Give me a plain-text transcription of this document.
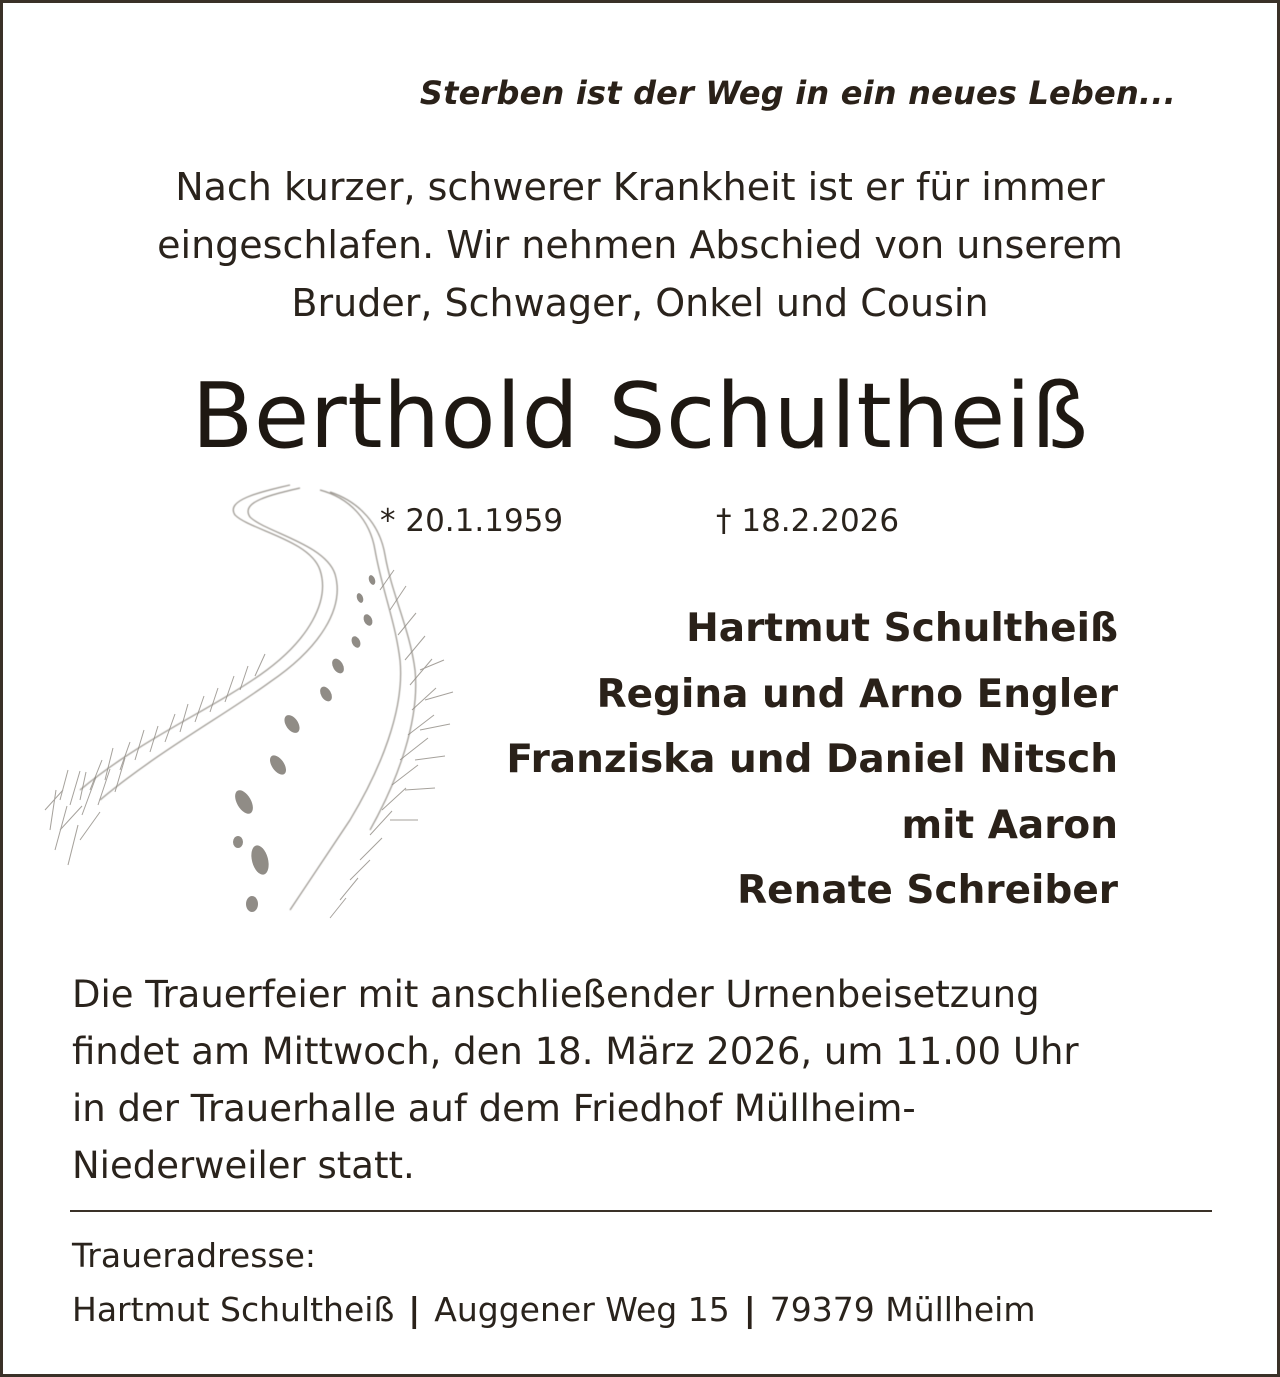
Sterben ist der Weg in ein neues Leben...
Nach kurzer, schwerer Krankheit ist er für immer
eingeschlafen. Wir nehmen Abschied von unserem
Bruder, Schwager, Onkel und Cousin
Berthold Schultheiß
* 20.1.1959	† 18.2.2026
Hartmut Schultheiß
Regina und Arno Engler
Franziska und Daniel Nitsch
mit Aaron
Renate Schreiber
Die Trauerfeier mit anschließender Urnenbeisetzung
findet am Mittwoch, den 18. März 2026, um 11.00 Uhr
in der Trauerhalle auf dem Friedhof Müllheim-
Niederweiler statt.
Traueradresse:
Hartmut Schultheiß | Auggener Weg 15 | 79379 Müllheim
